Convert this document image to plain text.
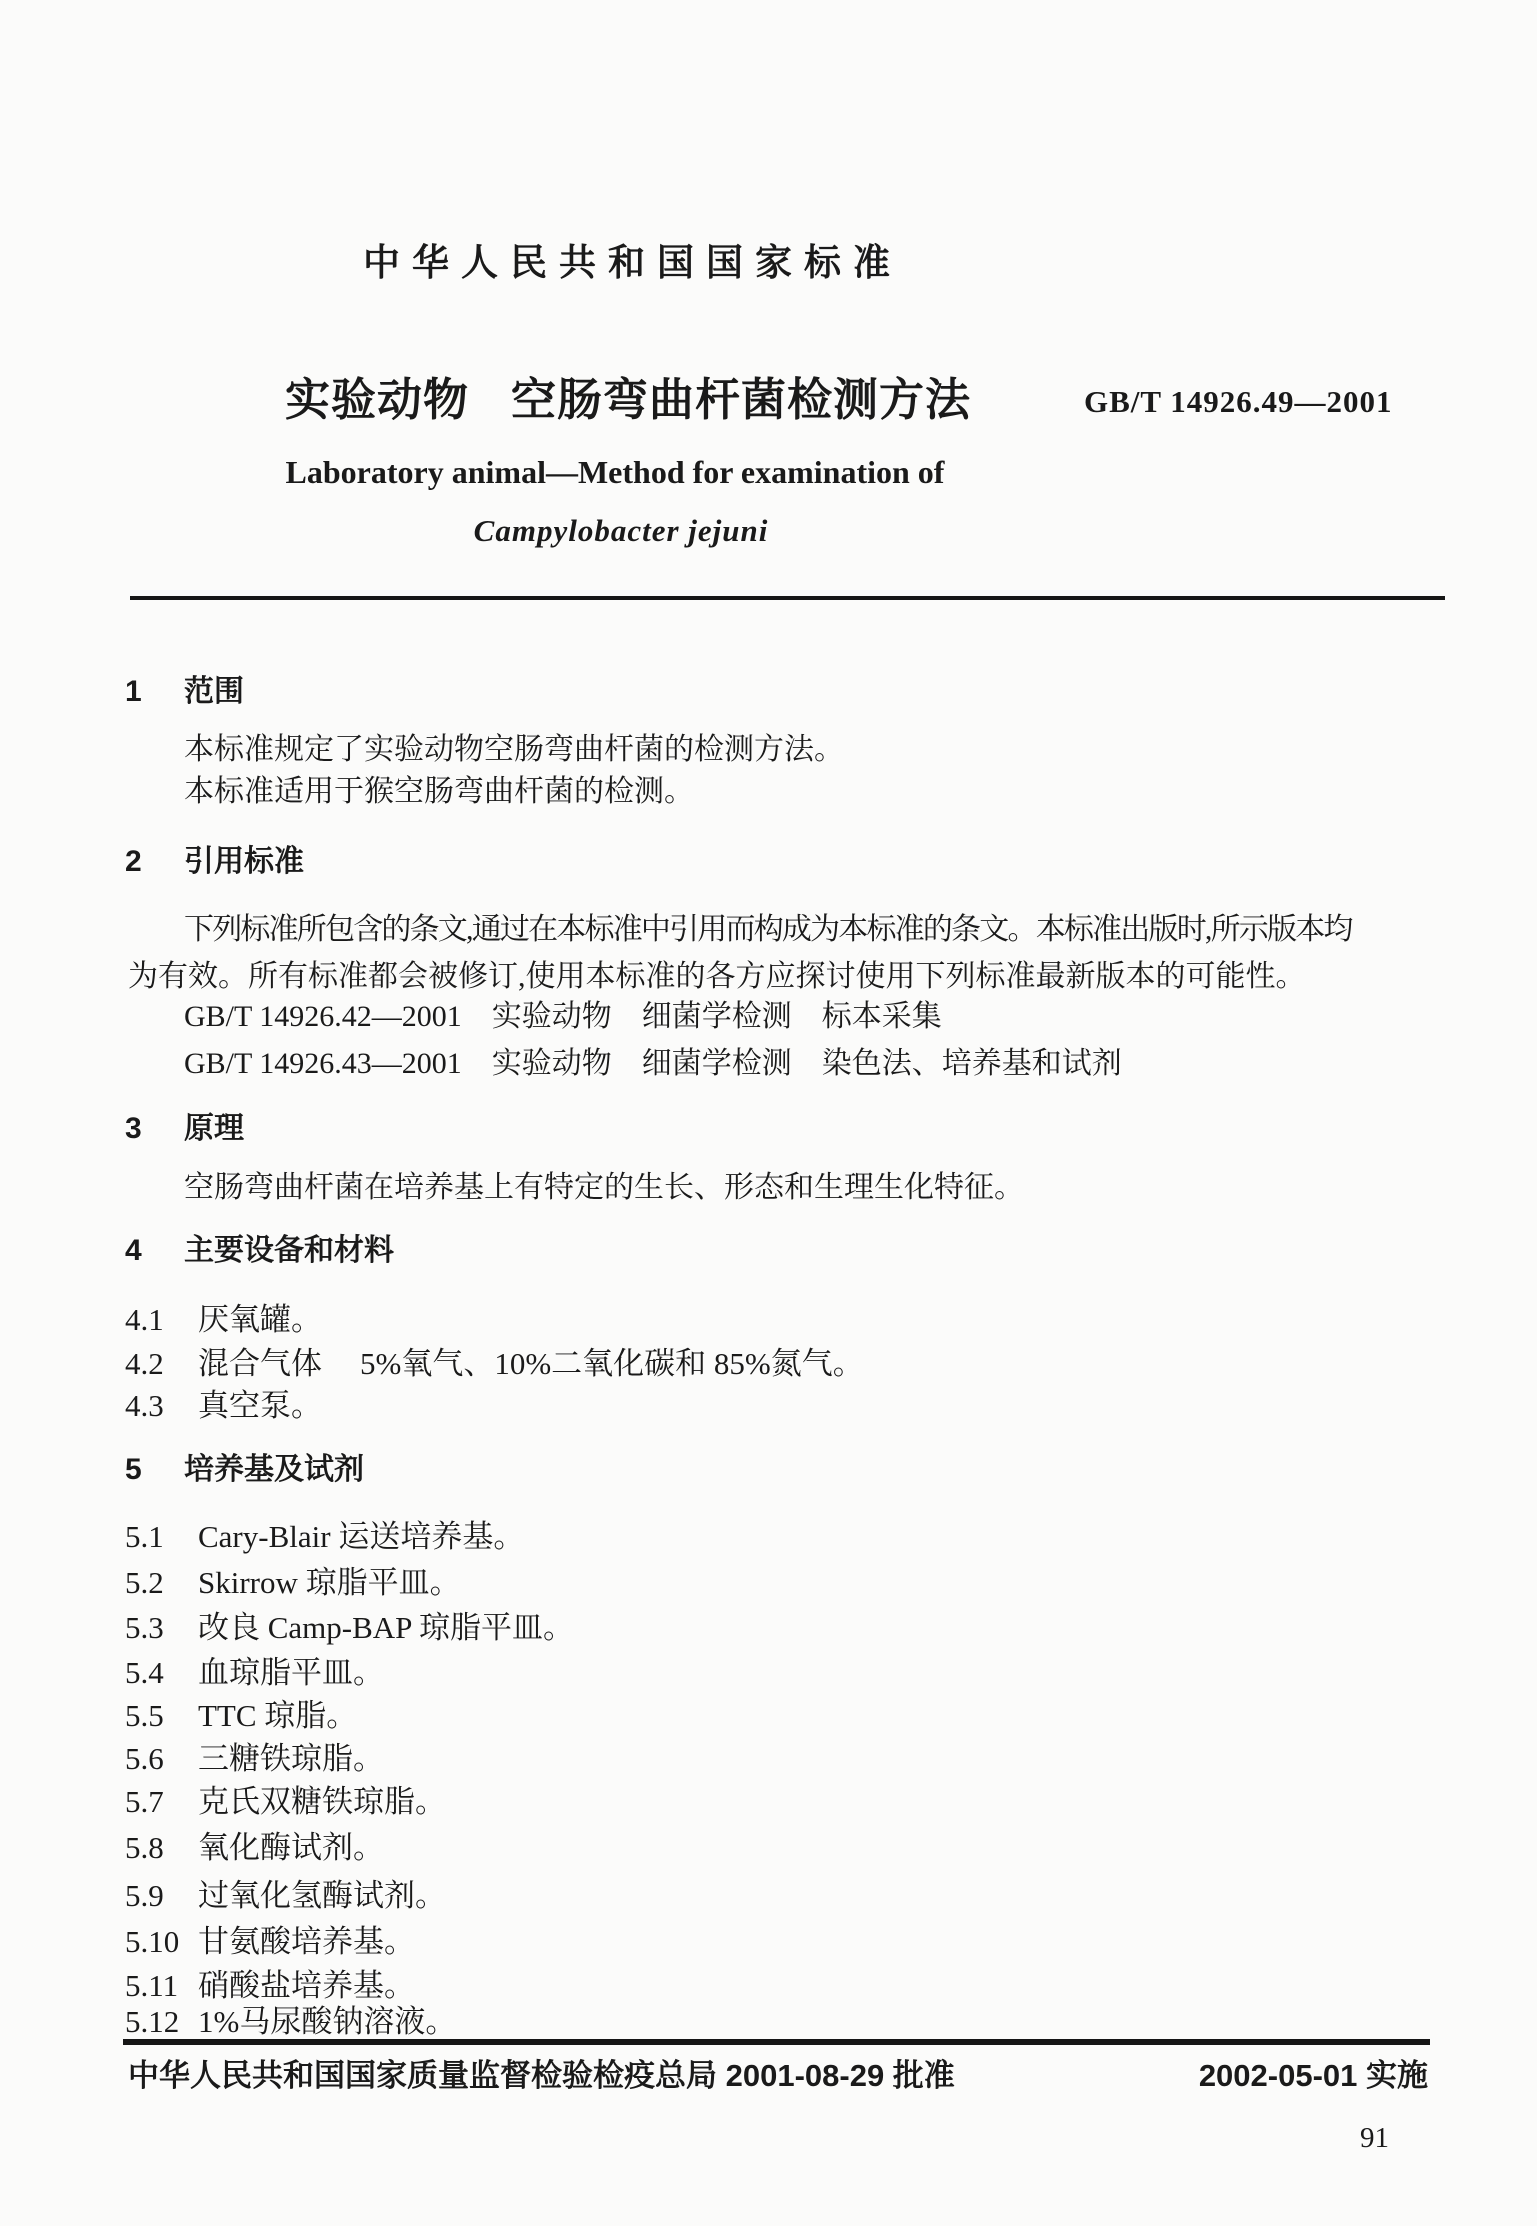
中华人民共和国国家标准
实验动物 空肠弯曲杆菌检测方法	GB/T 14926.49—2001
Laboratory animal—Method for examination of
Campylobacter jejuni
1 范围
本标准规定了实验动物空肠弯曲杆菌的检测方法。
本标准适用于猴空肠弯曲杆菌的检测。
2 引用标准
下列标准所包含的条文,通过在本标准中引用而构成为本标准的条文。本标准出版时,所示版本均
为有效。所有标准都会被修订,使用本标准的各方应探讨使用下列标准最新版本的可能性。
GB/T 14926.42—2001 实验动物 细菌学检测 标本采集
GB/T 14926.43—2001 实验动物 细菌学检测 染色法、培养基和试剂
3 原理
空肠弯曲杆菌在培养基上有特定的生长、形态和生理生化特征。
4 主要设备和材料
4.1 厌氧罐。
4.2 混合气体 5%氧气、10%二氧化碳和 85%氮气。
4.3 真空泵。
5 培养基及试剂
5.1 Cary-Blair 运送培养基。
5.2 Skirrow 琼脂平皿。
5.3 改良 Camp-BAP 琼脂平皿。
5.4 血琼脂平皿。
5.5 TTC 琼脂。
5.6 三糖铁琼脂。
5.7 克氏双糖铁琼脂。
5.8 氧化酶试剂。
5.9 过氧化氢酶试剂。
5.10 甘氨酸培养基。
5.11 硝酸盐培养基。
5.12 1%马尿酸钠溶液。
中华人民共和国国家质量监督检验检疫总局 2001-08-29 批准	2002-05-01 实施
91
